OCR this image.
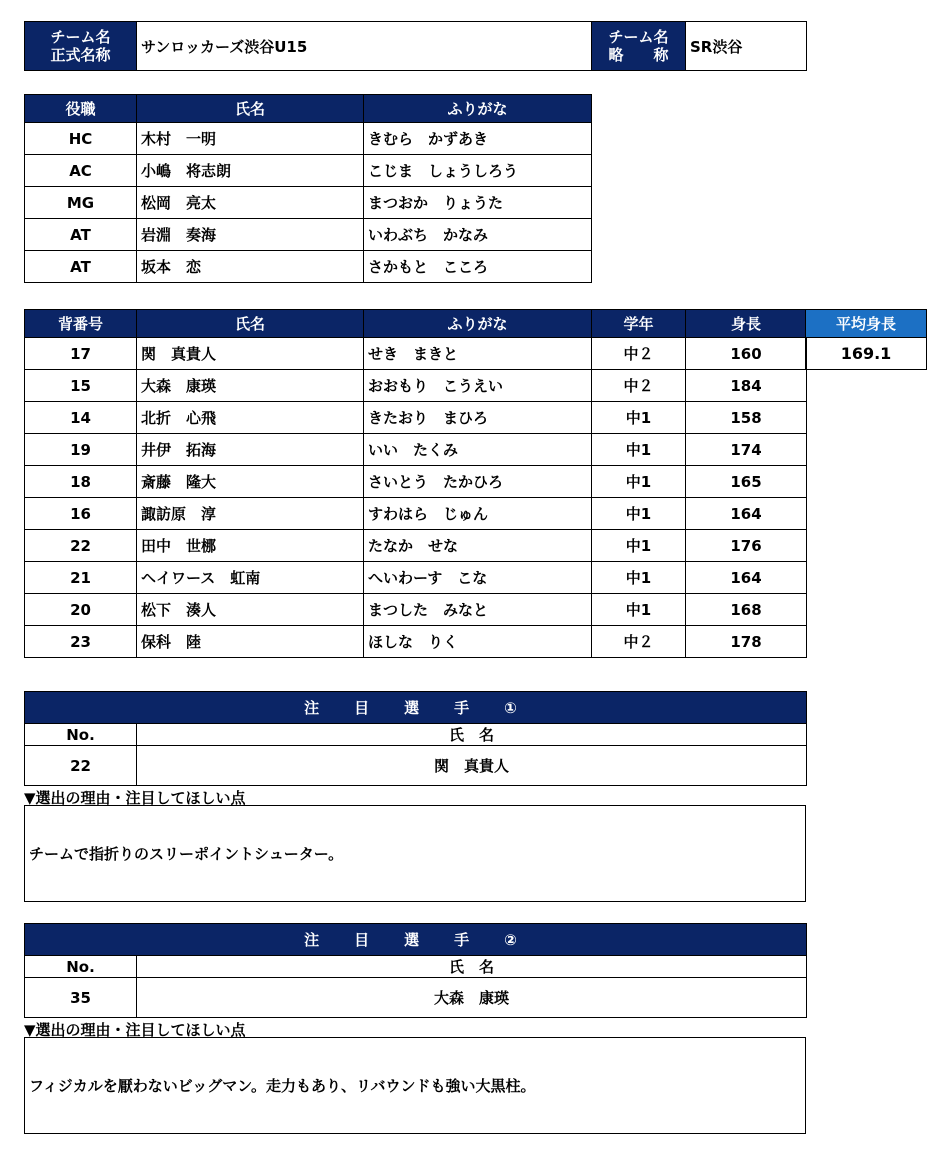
チーム名
正式名称	サンロッカーズ渋谷U15	
チーム名
略　　称	SR渋谷
役職	氏名	ふりがな
HC	木村　一明	きむら　かずあき
AC	小嶋　将志朗	こじま　しょうしろう
MG	松岡　亮太	まつおか　りょうた
AT	岩淵　奏海	いわぶち　かなみ
AT	坂本　恋	さかもと　こころ
背番号	氏名	ふりがな	学年	身長
17	関　真貴人	せき　まきと	中２	160
15	大森　康瑛	おおもり　こうえい	中２	184
14	北折　心飛	きたおり　まひろ	中1	158
19	井伊　拓海	いい　たくみ	中1	174
18	斎藤　隆大	さいとう　たかひろ	中1	165
16	諏訪原　淳	すわはら　じゅん	中1	164
22	田中　世梛	たなか　せな	中1	176
21	ヘイワース　虹南	へいわーす　こな	中1	164
20	松下　湊人	まつした　みなと	中1	168
23	保科　陸	ほしな　りく	中２	178
平均身長
169.1
注　目　選　手　①	
No.	氏　名
22	関　真貴人
▼選出の理由・注目してほしい点
チームで指折りのスリーポイントシューター。
注　目　選　手　②	
No.	氏　名
35	大森　康瑛
▼選出の理由・注目してほしい点
フィジカルを厭わないビッグマン。走力もあり、リバウンドも強い大黒柱。
